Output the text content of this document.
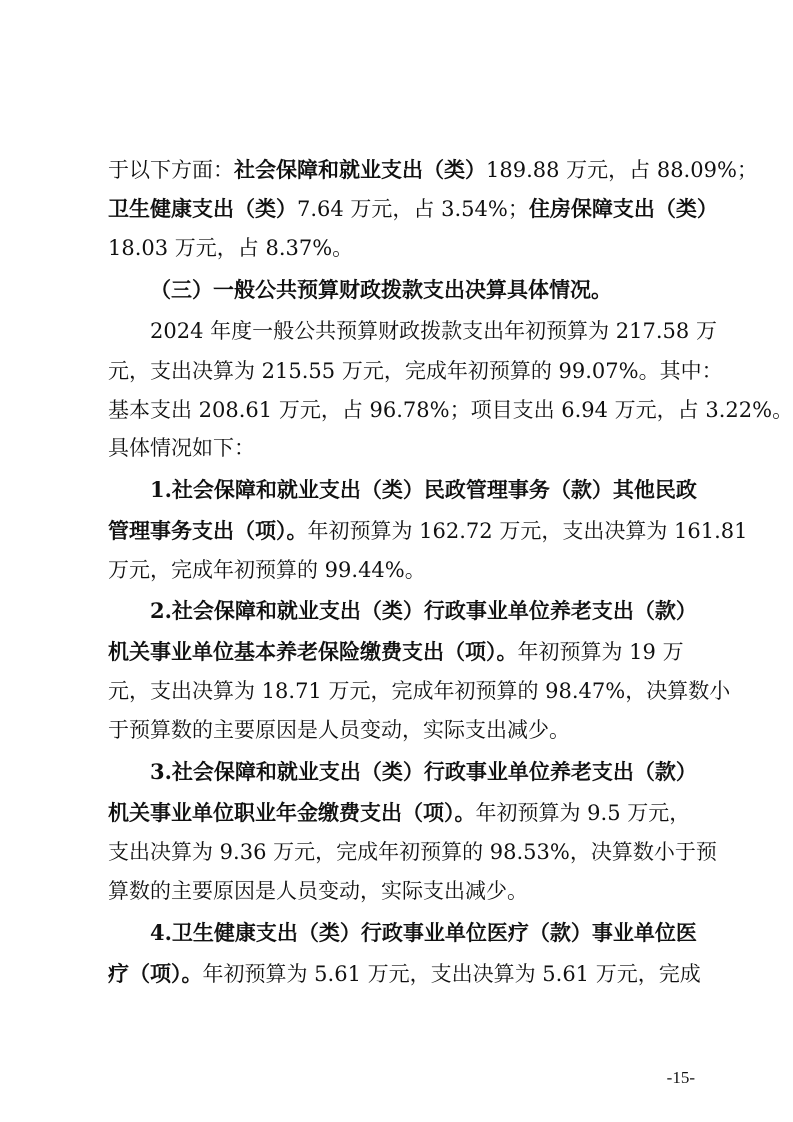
于以下方面：社会保障和就业支出（类）189.88 万元，占 88.09%；
卫生健康支出（类）7.64 万元，占 3.54%；住房保障支出（类）
18.03 万元，占 8.37%。
（三）一般公共预算财政拨款支出决算具体情况。
2024 年度一般公共预算财政拨款支出年初预算为 217.58 万
元，支出决算为 215.55 万元，完成年初预算的 99.07%。其中：
基本支出 208.61 万元，占 96.78%；项目支出 6.94 万元，占 3.22%。
具体情况如下：
1.社会保障和就业支出（类）民政管理事务（款）其他民政
管理事务支出（项）。年初预算为 162.72 万元，支出决算为 161.81
万元，完成年初预算的 99.44%。
2.社会保障和就业支出（类）行政事业单位养老支出（款）
机关事业单位基本养老保险缴费支出（项）。年初预算为 19 万
元，支出决算为 18.71 万元，完成年初预算的 98.47%，决算数小
于预算数的主要原因是人员变动，实际支出减少。
3.社会保障和就业支出（类）行政事业单位养老支出（款）
机关事业单位职业年金缴费支出（项）。年初预算为 9.5 万元，
支出决算为 9.36 万元，完成年初预算的 98.53%，决算数小于预
算数的主要原因是人员变动，实际支出减少。
4.卫生健康支出（类）行政事业单位医疗（款）事业单位医
疗（项）。年初预算为 5.61 万元，支出决算为 5.61 万元，完成
-15-
